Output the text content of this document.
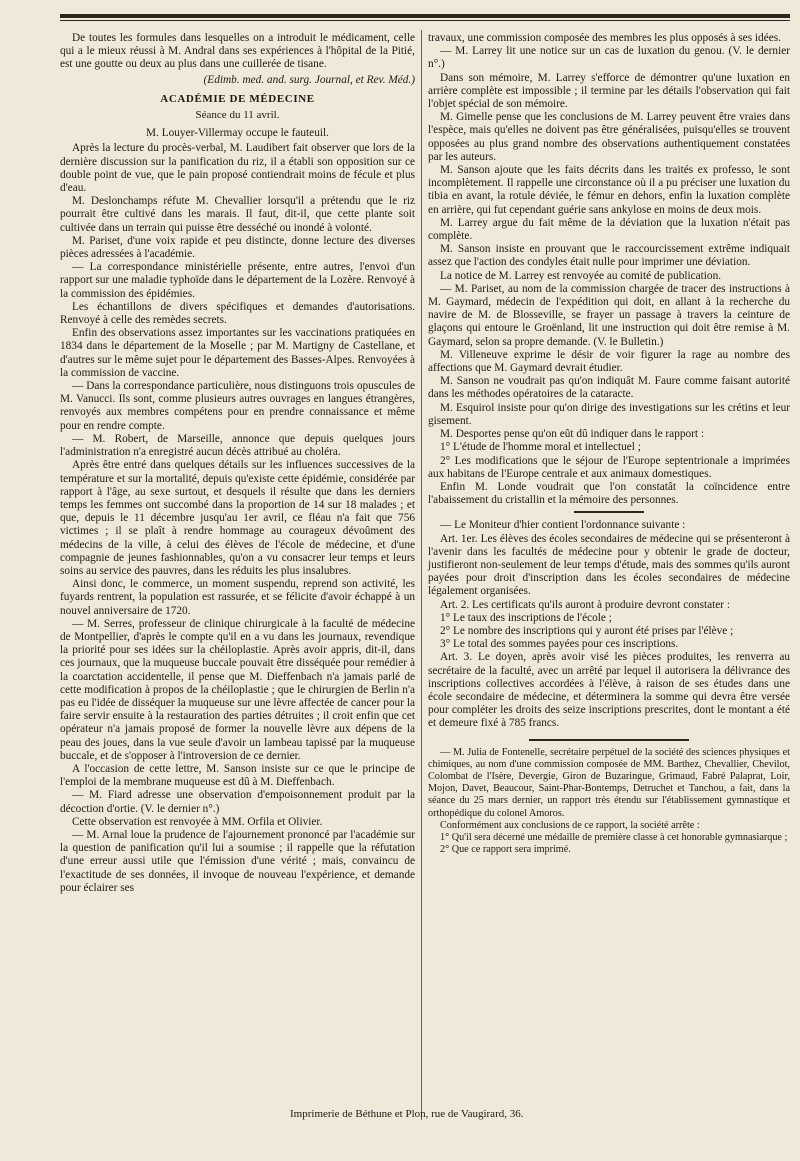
De toutes les formules dans lesquelles on a introduit le médicament, celle qui a le mieux réussi à M. Andral dans ses expériences à l'hôpital de la Pitié, est une goutte ou deux au plus dans une cuillerée de tisane.

(Edimb. med. and. surg. Journal, et Rev. Méd.)
ACADÉMIE DE MÉDECINE
Séance du 11 avril.
M. Louyer-Villermay occupe le fauteuil.

Après la lecture du procès-verbal, M. Laudibert fait observer que lors de la dernière discussion sur la panification du riz, il a établi son opposition sur ce double point de vue, que le pain proposé contiendrait moins de fécule et plus d'eau.

M. Deslonchamps réfute M. Chevallier lorsqu'il a prétendu que le riz pourrait être cultivé dans les marais. Il faut, dit-il, que cette plante soit cultivée dans un terrain qui puisse être desséché ou inondé à volonté.

M. Pariset, d'une voix rapide et peu distincte, donne lecture des diverses pièces adressées à l'académie.

— La correspondance ministérielle présente, entre autres, l'envoi d'un rapport sur une maladie typhoïde dans le département de la Lozère. Renvoyé à la commission des épidémies.

Les échantillons de divers spécifiques et demandes d'autorisations. Renvoyé à celle des remèdes secrets.

Enfin des observations assez importantes sur les vaccinations pratiquées en 1834 dans le département de la Moselle ; par M. Martigny de Castellane, et d'autres sur le même sujet pour le département des Basses-Alpes. Renvoyées à la commission de vaccine.

— Dans la correspondance particulière, nous distinguons trois opuscules de M. Vanucci. Ils sont, comme plusieurs autres ouvrages en langues étrangères, renvoyés aux membres compétens pour en prendre connaissance et même pour en rendre compte.

— M. Robert, de Marseille, annonce que depuis quelques jours l'administration n'a enregistré aucun décès attribué au choléra.

Après être entré dans quelques détails sur les influences successives de la température et sur la mortalité, depuis qu'existe cette épidémie, considérée par rapport à l'âge, au sexe surtout, et desquels il résulte que dans les derniers temps les femmes ont succombé dans la proportion de 14 sur 18 malades ; et que, depuis le 11 décembre jusqu'au 1er avril, ce fléau n'a fait que 756 victimes ; il se plaît à rendre hommage au courageux dévoûment des médecins de la ville, à celui des élèves de l'école de médecine, et d'une compagnie de jeunes fashionnables, qu'on a vu consacrer leur temps et leurs soins au service des pauvres, dans les réduits les plus insalubres.

Ainsi donc, le commerce, un moment suspendu, reprend son activité, les fuyards rentrent, la population est rassurée, et se félicite d'avoir échappé à un nouvel anniversaire de 1720.

— M. Serres, professeur de clinique chirurgicale à la faculté de médecine de Montpellier, d'après le compte qu'il en a vu dans les journaux, revendique la priorité pour ses idées sur la chéiloplastie. Après avoir appris, dit-il, dans ces journaux, que la muqueuse buccale pouvait être disséquée pour remédier à la coarctation accidentelle, il pense que M. Dieffenbach n'a jamais parlé de cette modification à propos de la chéiloplastie ; que le chirurgien de Berlin n'a pas eu l'idée de disséquer la muqueuse sur une lèvre affectée de cancer pour la faire servir ensuite à la restauration des parties détruites ; il croit enfin que cet opérateur n'a jamais proposé de former la nouvelle lèvre aux dépens de la peau des joues, dans la vue seule d'avoir un lambeau tapissé par la muqueuse buccale, et de s'opposer à l'introversion de ce dernier.

A l'occasion de cette lettre, M. Sanson insiste sur ce que le principe de l'emploi de la membrane muqueuse est dû à M. Dieffenbach.

— M. Fiard adresse une observation d'empoisonnement produit par la décoction d'ortie. (V. le dernier n°.)

Cette observation est renvoyée à MM. Orfila et Olivier.

— M. Arnal loue la prudence de l'ajournement prononcé par l'académie sur la question de panification qu'il lui a soumise ; il rappelle que la réfutation d'une erreur aussi utile que l'émission d'une vérité ; mais, convaincu de l'exactitude de ses données, il invoque de nouveau l'expérience, et demande pour éclairer ses

travaux, une commission composée des membres les plus opposés à ses idées.

— M. Larrey lit une notice sur un cas de luxation du genou. (V. le dernier n°.)

Dans son mémoire, M. Larrey s'efforce de démontrer qu'une luxation en arrière complète est impossible ; il termine par les détails l'observation qui fait l'objet spécial de son mémoire.

M. Gimelle pense que les conclusions de M. Larrey peuvent être vraies dans l'espèce, mais qu'elles ne doivent pas être généralisées, puisqu'elles se trouvent opposées au plus grand nombre des observations authentiquement constatées par les auteurs.

M. Sanson ajoute que les faits décrits dans les traités ex professo, le sont incomplètement. Il rappelle une circonstance où il a pu préciser une luxation du tibia en avant, la rotule déviée, le fémur en dehors, enfin la luxation complète en arrière, qui fut cependant guérie sans ankylose en moins de deux mois.

M. Larrey argue du fait même de la déviation que la luxation n'était pas complète.

M. Sanson insiste en prouvant que le raccourcissement extrême indiquait assez que l'action des condyles était nulle pour imprimer une déviation.

La notice de M. Larrey est renvoyée au comité de publication.

— M. Pariset, au nom de la commission chargée de tracer des instructions à M. Gaymard, médecin de l'expédition qui doit, en allant à la recherche du navire de M. de Blosseville, se frayer un passage à travers la ceinture de glaçons qui entoure le Groënland, lit une instruction qui doit être remise à M. Gaymard, selon sa propre demande. (V. le Bulletin.)

M. Villeneuve exprime le désir de voir figurer la rage au nombre des affections que M. Gaymard devrait étudier.

M. Sanson ne voudrait pas qu'on indiquât M. Faure comme faisant autorité dans les méthodes opératoires de la cataracte.

M. Esquirol insiste pour qu'on dirige des investigations sur les crétins et leur gisement.

M. Desportes pense qu'on eût dû indiquer dans le rapport :

1° L'étude de l'homme moral et intellectuel ;

2° Les modifications que le séjour de l'Europe septentrionale a imprimées aux habitans de l'Europe centrale et aux animaux domestiques.

Enfin M. Londe voudrait que l'on constatât la coïncidence entre l'abaissement du cristallin et la mémoire des personnes.

— Le Moniteur d'hier contient l'ordonnance suivante :

Art. 1er. Les élèves des écoles secondaires de médecine qui se présenteront à l'avenir dans les facultés de médecine pour y obtenir le grade de docteur, justifieront non-seulement de leur temps d'étude, mais des sommes qu'ils auront payées pour droit d'inscription dans les écoles secondaires de médecine légalement organisées.

Art. 2. Les certificats qu'ils auront à produire devront constater :

1° Le taux des inscriptions de l'école ;

2° Le nombre des inscriptions qui y auront été prises par l'élève ;

3° Le total des sommes payées pour ces inscriptions.

Art. 3. Le doyen, après avoir visé les pièces produites, les renverra au secrétaire de la faculté, avec un arrêté par lequel il autorisera la délivrance des inscriptions collectives accordées à l'élève, à raison de ses études dans une école secondaire de médecine, et déterminera la somme qui devra être versée pour compléter les droits des seize inscriptions prescrites, dont le montant a été et demeure fixé à 785 francs.

— M. Julia de Fontenelle, secrétaire perpétuel de la société des sciences physiques et chimiques, au nom d'une commission composée de MM. Barthez, Chevallier, Chevilot, Colombat de l'Isère, Devergie, Giron de Buzaringue, Grimaud, Fabré Palaprat, Loir, Mojon, Davet, Beaucour, Saint-Phar-Bontemps, Detruchet et Tanchou, a fait, dans la séance du 25 mars dernier, un rapport très étendu sur l'établissement gymnastique et orthopédique du colonel Amoros.

Conformément aux conclusions de ce rapport, la société arrête :

1° Qu'il sera décerné une médaille de première classe à cet honorable gymnasiarque ;

2° Que ce rapport sera imprimé.

Imprimerie de Béthune et Plon, rue de Vaugirard, 36.
